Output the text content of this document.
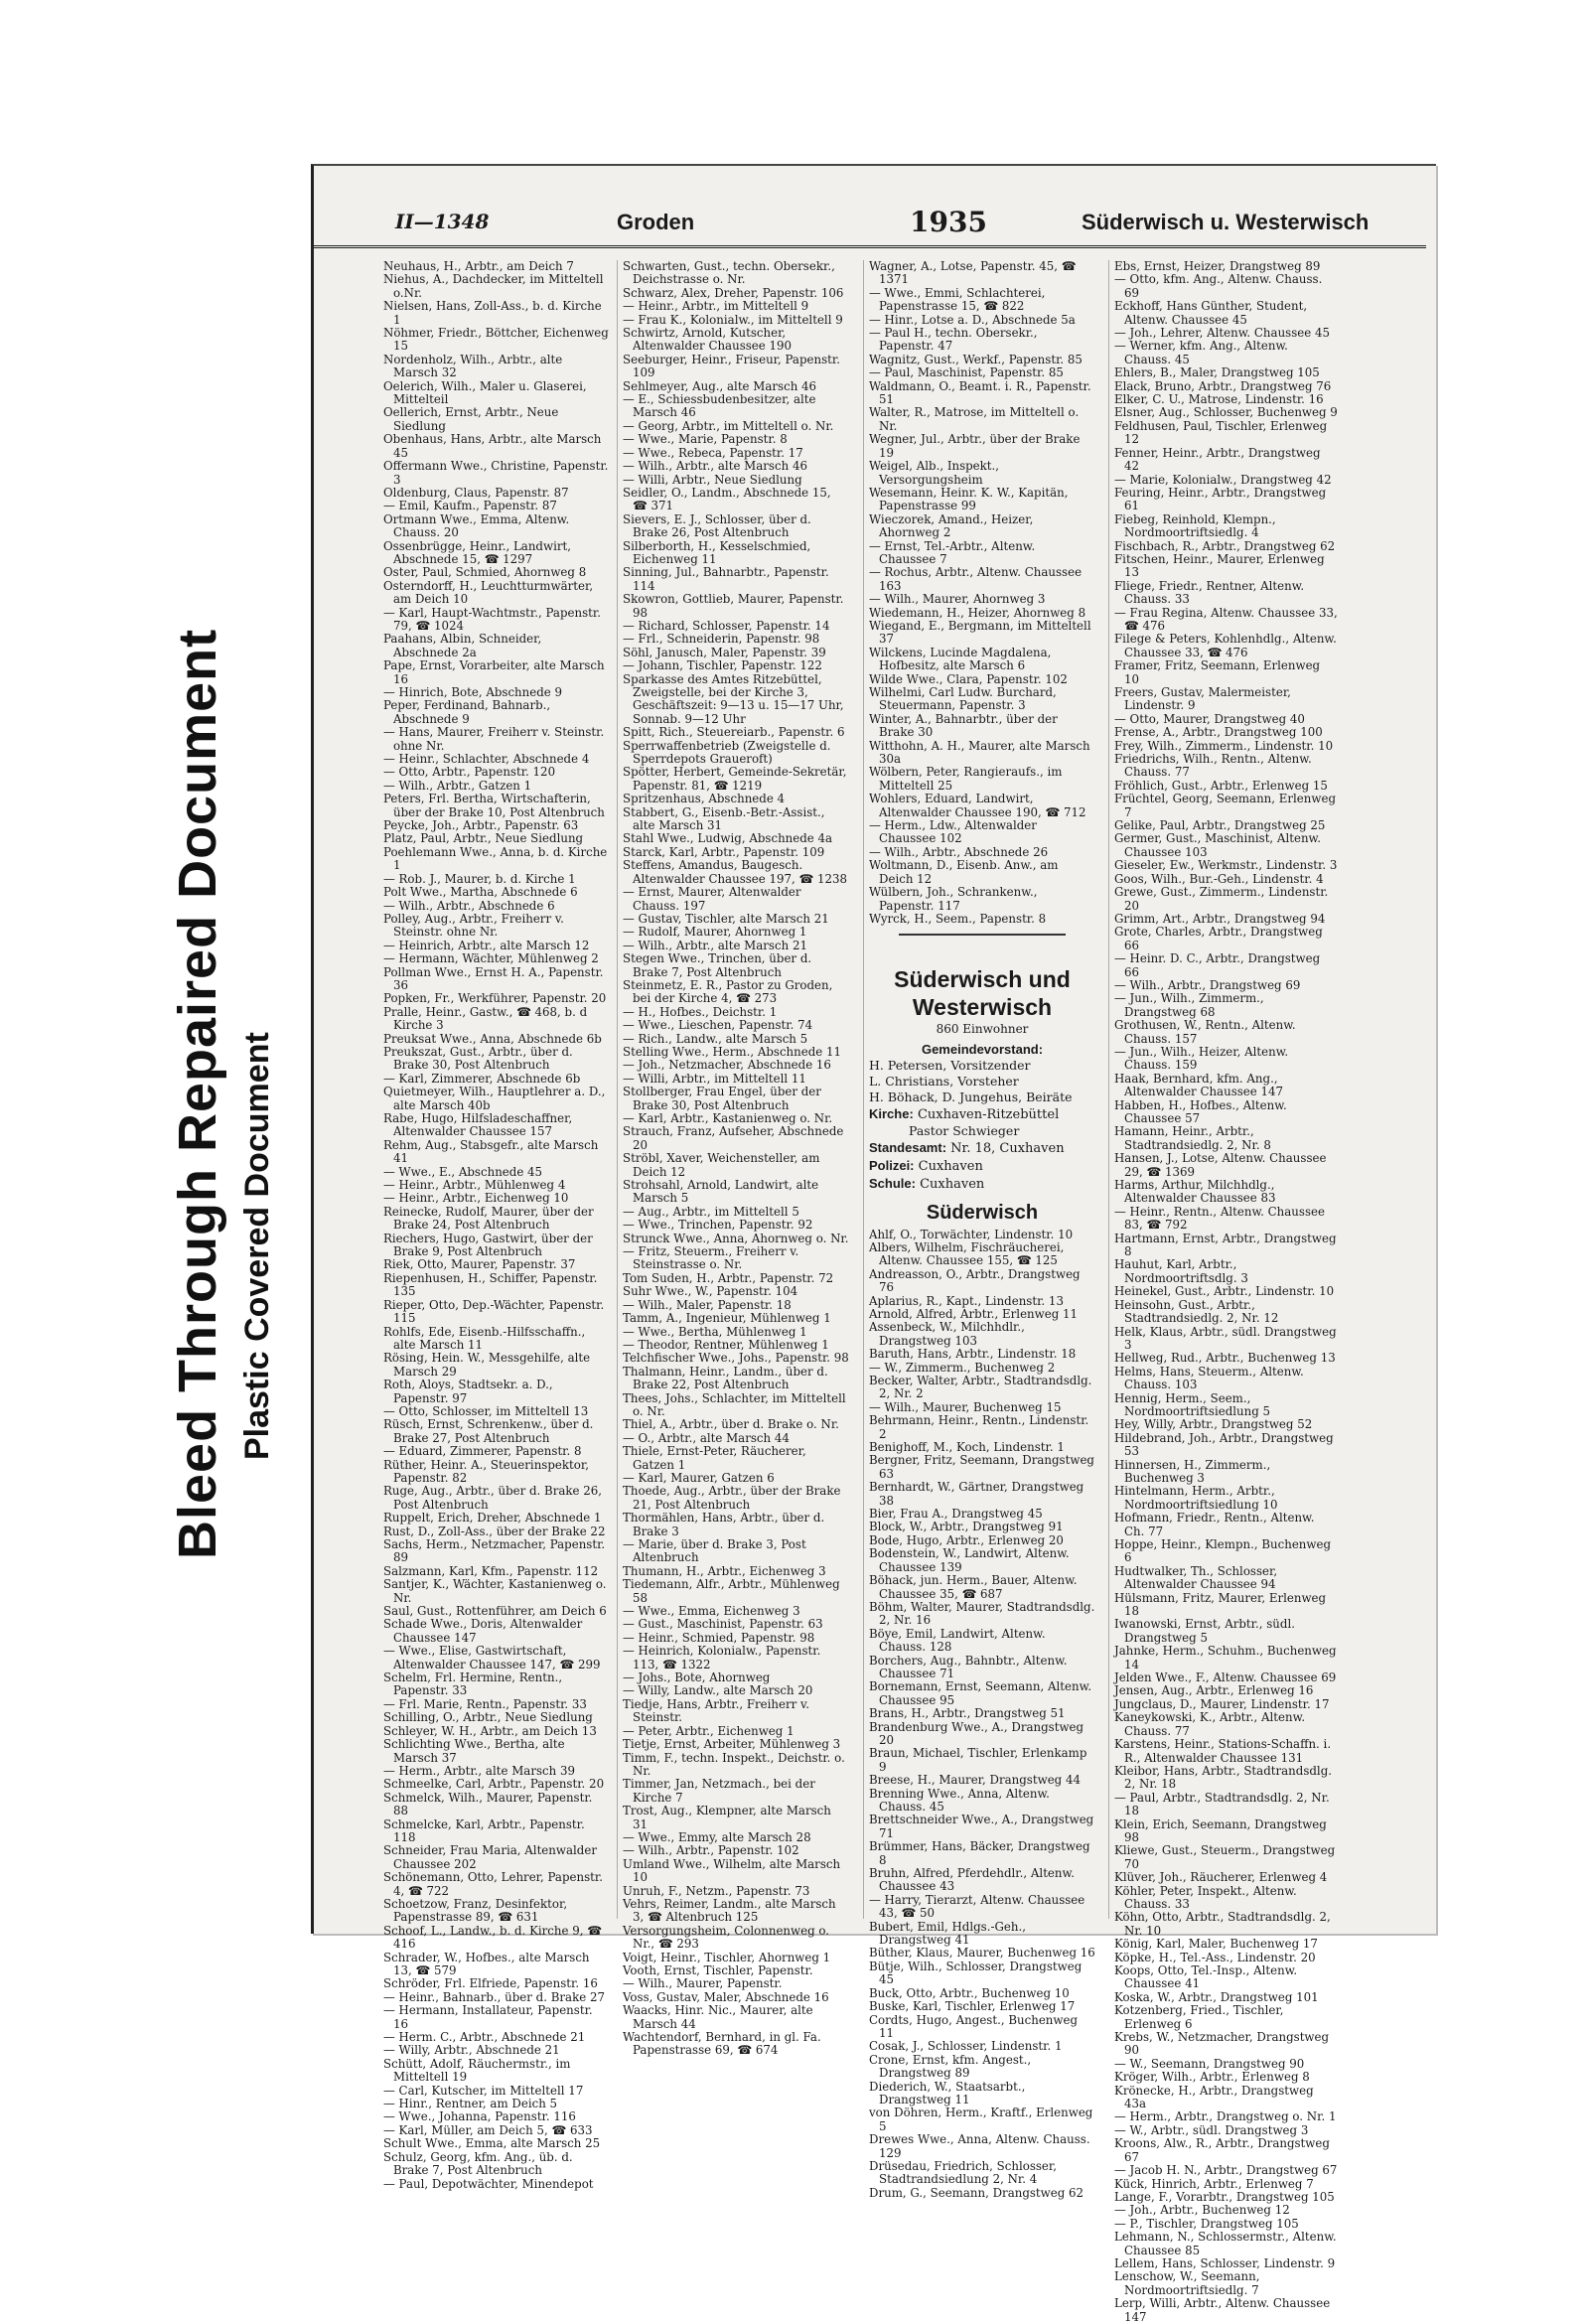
Bleed Through Repaired Document Plastic Covered Document
II—1348	Groden	1935	Süderwisch u. Westerwisch

Neuhaus, H., Arbtr., am Deich 7

Niehus, A., Dachdecker, im Mitteltell o.Nr.

Nielsen, Hans, Zoll-Ass., b. d. Kirche 1

Nöhmer, Friedr., Böttcher, Eichenweg 15

Nordenholz, Wilh., Arbtr., alte Marsch 32

Oelerich, Wilh., Maler u. Glaserei, Mittelteil

Oellerich, Ernst, Arbtr., Neue Siedlung

Obenhaus, Hans, Arbtr., alte Marsch 45

Offermann Wwe., Christine, Papenstr. 3

Oldenburg, Claus, Papenstr. 87

— Emil, Kaufm., Papenstr. 87

Ortmann Wwe., Emma, Altenw. Chauss. 20

Ossenbrügge, Heinr., Landwirt, Abschnede 15, ☎ 1297

Oster, Paul, Schmied, Ahornweg 8

Osterndorff, H., Leuchtturmwärter, am Deich 10

— Karl, Haupt-Wachtmstr., Papenstr. 79, ☎ 1024

Paahans, Albin, Schneider, Abschnede 2a

Pape, Ernst, Vorarbeiter, alte Marsch 16

— Hinrich, Bote, Abschnede 9

Peper, Ferdinand, Bahnarb., Abschnede 9

— Hans, Maurer, Freiherr v. Steinstr. ohne Nr.

— Heinr., Schlachter, Abschnede 4

— Otto, Arbtr., Papenstr. 120

— Wilh., Arbtr., Gatzen 1

Peters, Frl. Bertha, Wirtschafterin, über der Brake 10, Post Altenbruch

Peycke, Joh., Arbtr., Papenstr. 63

Platz, Paul, Arbtr., Neue Siedlung

Poehlemann Wwe., Anna, b. d. Kirche 1

— Rob. J., Maurer, b. d. Kirche 1

Polt Wwe., Martha, Abschnede 6

— Wilh., Arbtr., Abschnede 6

Polley, Aug., Arbtr., Freiherr v. Steinstr. ohne Nr.

— Heinrich, Arbtr., alte Marsch 12

— Hermann, Wächter, Mühlenweg 2

Pollman Wwe., Ernst H. A., Papenstr. 36

Popken, Fr., Werkführer, Papenstr. 20

Pralle, Heinr., Gastw., ☎ 468, b. d Kirche 3

Preuksat Wwe., Anna, Abschnede 6b

Preukszat, Gust., Arbtr., über d. Brake 30, Post Altenbruch

— Karl, Zimmerer, Abschnede 6b

Quietmeyer, Wilh., Hauptlehrer a. D., alte Marsch 40b

Rabe, Hugo, Hilfsladeschaffner, Altenwalder Chaussee 157

Rehm, Aug., Stabsgefr., alte Marsch 41

— Wwe., E., Abschnede 45

— Heinr., Arbtr., Mühlenweg 4

— Heinr., Arbtr., Eichenweg 10

Reinecke, Rudolf, Maurer, über der Brake 24, Post Altenbruch

Riechers, Hugo, Gastwirt, über der Brake 9, Post Altenbruch

Riek, Otto, Maurer, Papenstr. 37

Riepenhusen, H., Schiffer, Papenstr. 135

Rieper, Otto, Dep.-Wächter, Papenstr. 115

Rohlfs, Ede, Eisenb.-Hilfsschaffn., alte Marsch 11

Rösing, Hein. W., Messgehilfe, alte Marsch 29

Roth, Aloys, Stadtsekr. a. D., Papenstr. 97

— Otto, Schlosser, im Mitteltell 13

Rüsch, Ernst, Schrenkenw., über d. Brake 27, Post Altenbruch

— Eduard, Zimmerer, Papenstr. 8

Rüther, Heinr. A., Steuerinspektor, Papenstr. 82

Ruge, Aug., Arbtr., über d. Brake 26, Post Altenbruch

Ruppelt, Erich, Dreher, Abschnede 1

Rust, D., Zoll-Ass., über der Brake 22

Sachs, Herm., Netzmacher, Papenstr. 89

Salzmann, Karl, Kfm., Papenstr. 112

Santjer, K., Wächter, Kastanienweg o. Nr.

Saul, Gust., Rottenführer, am Deich 6

Schade Wwe., Doris, Altenwalder Chaussee 147

— Wwe., Elise, Gastwirtschaft, Altenwalder Chaussee 147, ☎ 299

Schelm, Frl. Hermine, Rentn., Papenstr. 33

— Frl. Marie, Rentn., Papenstr. 33

Schilling, O., Arbtr., Neue Siedlung

Schleyer, W. H., Arbtr., am Deich 13

Schlichting Wwe., Bertha, alte Marsch 37

— Herm., Arbtr., alte Marsch 39

Schmeelke, Carl, Arbtr., Papenstr. 20

Schmelck, Wilh., Maurer, Papenstr. 88

Schmelcke, Karl, Arbtr., Papenstr. 118

Schneider, Frau Maria, Altenwalder Chaussee 202

Schönemann, Otto, Lehrer, Papenstr. 4, ☎ 722

Schoetzow, Franz, Desinfektor, Papenstrasse 89, ☎ 631

Schoof, L., Landw., b. d. Kirche 9, ☎ 416

Schrader, W., Hofbes., alte Marsch 13, ☎ 579

Schröder, Frl. Elfriede, Papenstr. 16

— Heinr., Bahnarb., über d. Brake 27

— Hermann, Installateur, Papenstr. 16

— Herm. C., Arbtr., Abschnede 21

— Willy, Arbtr., Abschnede 21

Schütt, Adolf, Räuchermstr., im Mitteltell 19

— Carl, Kutscher, im Mitteltell 17

— Hinr., Rentner, am Deich 5

— Wwe., Johanna, Papenstr. 116

— Karl, Müller, am Deich 5, ☎ 633

Schult Wwe., Emma, alte Marsch 25

Schulz, Georg, kfm. Ang., üb. d. Brake 7, Post Altenbruch

— Paul, Depotwächter, Minendepot

Schwarten, Gust., techn. Obersekr., Deichstrasse o. Nr.

Schwarz, Alex, Dreher, Papenstr. 106

— Heinr., Arbtr., im Mitteltell 9

— Frau K., Kolonialw., im Mitteltell 9

Schwirtz, Arnold, Kutscher, Altenwalder Chaussee 190

Seeburger, Heinr., Friseur, Papenstr. 109

Sehlmeyer, Aug., alte Marsch 46

— E., Schiessbudenbesitzer, alte Marsch 46

— Georg, Arbtr., im Mitteltell o. Nr.

— Wwe., Marie, Papenstr. 8

— Wwe., Rebeca, Papenstr. 17

— Wilh., Arbtr., alte Marsch 46

— Willi, Arbtr., Neue Siedlung

Seidler, O., Landm., Abschnede 15, ☎ 371

Sievers, E. J., Schlosser, über d. Brake 26, Post Altenbruch

Silberborth, H., Kesselschmied, Eichenweg 11

Sinning, Jul., Bahnarbtr., Papenstr. 114

Skowron, Gottlieb, Maurer, Papenstr. 98

— Richard, Schlosser, Papenstr. 14

— Frl., Schneiderin, Papenstr. 98

Söhl, Janusch, Maler, Papenstr. 39

— Johann, Tischler, Papenstr. 122

Sparkasse des Amtes Ritzebüttel, Zweigstelle, bei der Kirche 3, Geschäftszeit: 9—13 u. 15—17 Uhr, Sonnab. 9—12 Uhr

Spitt, Rich., Steuereiarb., Papenstr. 6

Sperrwaffenbetrieb (Zweigstelle d. Sperrdepots Graueroft)

Spötter, Herbert, Gemeinde-Sekretär, Papenstr. 81, ☎ 1219

Spritzenhaus, Abschnede 4

Stabbert, G., Eisenb.-Betr.-Assist., alte Marsch 31

Stahl Wwe., Ludwig, Abschnede 4a

Starck, Karl, Arbtr., Papenstr. 109

Steffens, Amandus, Baugesch. Altenwalder Chaussee 197, ☎ 1238

— Ernst, Maurer, Altenwalder Chauss. 197

— Gustav, Tischler, alte Marsch 21

— Rudolf, Maurer, Ahornweg 1

— Wilh., Arbtr., alte Marsch 21

Stegen Wwe., Trinchen, über d. Brake 7, Post Altenbruch

Steinmetz, E. R., Pastor zu Groden, bei der Kirche 4, ☎ 273

— H., Hofbes., Deichstr. 1

— Wwe., Lieschen, Papenstr. 74

— Rich., Landw., alte Marsch 5

Stelling Wwe., Herm., Abschnede 11

— Joh., Netzmacher, Abschnede 16

— Willi, Arbtr., im Mitteltell 11

Stollberger, Frau Engel, über der Brake 30, Post Altenbruch

— Karl, Arbtr., Kastanienweg o. Nr.

Strauch, Franz, Aufseher, Abschnede 20

Ströbl, Xaver, Weichensteller, am Deich 12

Strohsahl, Arnold, Landwirt, alte Marsch 5

— Aug., Arbtr., im Mitteltell 5

— Wwe., Trinchen, Papenstr. 92

Strunck Wwe., Anna, Ahornweg o. Nr.

— Fritz, Steuerm., Freiherr v. Steinstrasse o. Nr.

Tom Suden, H., Arbtr., Papenstr. 72

Suhr Wwe., W., Papenstr. 104

— Wilh., Maler, Papenstr. 18

Tamm, A., Ingenieur, Mühlenweg 1

— Wwe., Bertha, Mühlenweg 1

— Theodor, Rentner, Mühlenweg 1

Telchfischer Wwe., Johs., Papenstr. 98

Thalmann, Heinr., Landm., über d. Brake 22, Post Altenbruch

Thees, Johs., Schlachter, im Mitteltell o. Nr.

Thiel, A., Arbtr., über d. Brake o. Nr.

— O., Arbtr., alte Marsch 44

Thiele, Ernst-Peter, Räucherer, Gatzen 1

— Karl, Maurer, Gatzen 6

Thoede, Aug., Arbtr., über der Brake 21, Post Altenbruch

Thormählen, Hans, Arbtr., über d. Brake 3

— Marie, über d. Brake 3, Post Altenbruch

Thumann, H., Arbtr., Eichenweg 3

Tiedemann, Alfr., Arbtr., Mühlenweg 58

— Wwe., Emma, Eichenweg 3

— Gust., Maschinist, Papenstr. 63

— Heinr., Schmied, Papenstr. 98

— Heinrich, Kolonialw., Papenstr. 113, ☎ 1322

— Johs., Bote, Ahornweg

— Willy, Landw., alte Marsch 20

Tiedje, Hans, Arbtr., Freiherr v. Steinstr.

— Peter, Arbtr., Eichenweg 1

Tietje, Ernst, Arbeiter, Mühlenweg 3

Timm, F., techn. Inspekt., Deichstr. o. Nr.

Timmer, Jan, Netzmach., bei der Kirche 7

Trost, Aug., Klempner, alte Marsch 31

— Wwe., Emmy, alte Marsch 28

— Wilh., Arbtr., Papenstr. 102

Umland Wwe., Wilhelm, alte Marsch 10

Unruh, F., Netzm., Papenstr. 73

Vehrs, Reimer, Landm., alte Marsch 3, ☎ Altenbruch 125

Versorgungsheim, Colonnenweg o. Nr., ☎ 293

Voigt, Heinr., Tischler, Ahornweg 1

Vooth, Ernst, Tischler, Papenstr.

— Wilh., Maurer, Papenstr.

Voss, Gustav, Maler, Abschnede 16

Waacks, Hinr. Nic., Maurer, alte Marsch 44

Wachtendorf, Bernhard, in gl. Fa. Papenstrasse 69, ☎ 674

Wagner, A., Lotse, Papenstr. 45, ☎ 1371

— Wwe., Emmi, Schlachterei, Papenstrasse 15, ☎ 822

— Hinr., Lotse a. D., Abschnede 5a

— Paul H., techn. Obersekr., Papenstr. 47

Wagnitz, Gust., Werkf., Papenstr. 85

— Paul, Maschinist, Papenstr. 85

Waldmann, O., Beamt. i. R., Papenstr. 51

Walter, R., Matrose, im Mitteltell o. Nr.

Wegner, Jul., Arbtr., über der Brake 19

Weigel, Alb., Inspekt., Versorgungsheim

Wesemann, Heinr. K. W., Kapitän, Papenstrasse 99

Wieczorek, Amand., Heizer, Ahornweg 2

— Ernst, Tel.-Arbtr., Altenw. Chaussee 7

— Rochus, Arbtr., Altenw. Chaussee 163

— Wilh., Maurer, Ahornweg 3

Wiedemann, H., Heizer, Ahornweg 8

Wiegand, E., Bergmann, im Mitteltell 37

Wilckens, Lucinde Magdalena, Hofbesitz, alte Marsch 6

Wilde Wwe., Clara, Papenstr. 102

Wilhelmi, Carl Ludw. Burchard, Steuermann, Papenstr. 3

Winter, A., Bahnarbtr., über der Brake 30

Witthohn, A. H., Maurer, alte Marsch 30a

Wölbern, Peter, Rangieraufs., im Mitteltell 25

Wohlers, Eduard, Landwirt, Altenwalder Chaussee 190, ☎ 712

— Herm., Ldw., Altenwalder Chaussee 102

— Wilh., Arbtr., Abschnede 26

Woltmann, D., Eisenb. Anw., am Deich 12

Wülbern, Joh., Schrankenw., Papenstr. 117

Wyrck, H., Seem., Papenstr. 8

Süderwisch und Westerwisch
860 Einwohner
Gemeindevorstand:
H. Petersen, Vorsitzender
L. Christians, Vorsteher
H. Böhack, D. Jungehus, Beiräte
Kirche: Cuxhaven-Ritzebüttel
Pastor Schwieger
Standesamt: Nr. 18, Cuxhaven
Polizei: Cuxhaven
Schule: Cuxhaven
Süderwisch

Ahlf, O., Torwächter, Lindenstr. 10

Albers, Wilhelm, Fischräucherei, Altenw. Chaussee 155, ☎ 125

Andreasson, O., Arbtr., Drangstweg 76

Aplarius, R., Kapt., Lindenstr. 13

Arnold, Alfred, Arbtr., Erlenweg 11

Assenbeck, W., Milchhdlr., Drangstweg 103

Baruth, Hans, Arbtr., Lindenstr. 18

— W., Zimmerm., Buchenweg 2

Becker, Walter, Arbtr., Stadtrandsdlg. 2, Nr. 2

— Wilh., Maurer, Buchenweg 15

Behrmann, Heinr., Rentn., Lindenstr. 2

Benighoff, M., Koch, Lindenstr. 1

Bergner, Fritz, Seemann, Drangstweg 63

Bernhardt, W., Gärtner, Drangstweg 38

Bier, Frau A., Drangstweg 45

Block, W., Arbtr., Drangstweg 91

Bode, Hugo, Arbtr., Erlenweg 20

Bodenstein, W., Landwirt, Altenw. Chaussee 139

Böhack, jun. Herm., Bauer, Altenw. Chaussee 35, ☎ 687

Böhm, Walter, Maurer, Stadtrandsdlg. 2, Nr. 16

Böye, Emil, Landwirt, Altenw. Chauss. 128

Borchers, Aug., Bahnbtr., Altenw. Chaussee 71

Bornemann, Ernst, Seemann, Altenw. Chaussee 95

Brans, H., Arbtr., Drangstweg 51

Brandenburg Wwe., A., Drangstweg 20

Braun, Michael, Tischler, Erlenkamp 9

Breese, H., Maurer, Drangstweg 44

Brenning Wwe., Anna, Altenw. Chauss. 45

Brettschneider Wwe., A., Drangstweg 71

Brümmer, Hans, Bäcker, Drangstweg 8

Bruhn, Alfred, Pferdehdlr., Altenw. Chaussee 43

— Harry, Tierarzt, Altenw. Chaussee 43, ☎ 50

Bubert, Emil, Hdlgs.-Geh., Drangstweg 41

Büther, Klaus, Maurer, Buchenweg 16

Bütje, Wilh., Schlosser, Drangstweg 45

Buck, Otto, Arbtr., Buchenweg 10

Buske, Karl, Tischler, Erlenweg 17

Cordts, Hugo, Angest., Buchenweg 11

Cosak, J., Schlosser, Lindenstr. 1

Crone, Ernst, kfm. Angest., Drangstweg 89

Diederich, W., Staatsarbt., Drangstweg 11

von Döhren, Herm., Kraftf., Erlenweg 5

Drewes Wwe., Anna, Altenw. Chauss. 129

Drüsedau, Friedrich, Schlosser, Stadtrandsiedlung 2, Nr. 4

Drum, G., Seemann, Drangstweg 62

Ebs, Ernst, Heizer, Drangstweg 89

— Otto, kfm. Ang., Altenw. Chauss. 69

Eckhoff, Hans Günther, Student, Altenw. Chaussee 45

— Joh., Lehrer, Altenw. Chaussee 45

— Werner, kfm. Ang., Altenw. Chauss. 45

Ehlers, B., Maler, Drangstweg 105

Elack, Bruno, Arbtr., Drangstweg 76

Elker, C. U., Matrose, Lindenstr. 16

Elsner, Aug., Schlosser, Buchenweg 9

Feldhusen, Paul, Tischler, Erlenweg 12

Fenner, Heinr., Arbtr., Drangstweg 42

— Marie, Kolonialw., Drangstweg 42

Feuring, Heinr., Arbtr., Drangstweg 61

Fiebeg, Reinhold, Klempn., Nordmoortriftsiedlg. 4

Fischbach, R., Arbtr., Drangstweg 62

Fitschen, Heinr., Maurer, Erlenweg 13

Fliege, Friedr., Rentner, Altenw. Chauss. 33

— Frau Regina, Altenw. Chaussee 33, ☎ 476

Filege & Peters, Kohlenhdlg., Altenw. Chaussee 33, ☎ 476

Framer, Fritz, Seemann, Erlenweg 10

Freers, Gustav, Malermeister, Lindenstr. 9

— Otto, Maurer, Drangstweg 40

Frense, A., Arbtr., Drangstweg 100

Frey, Wilh., Zimmerm., Lindenstr. 10

Friedrichs, Wilh., Rentn., Altenw. Chauss. 77

Fröhlich, Gust., Arbtr., Erlenweg 15

Früchtel, Georg, Seemann, Erlenweg 7

Gelike, Paul, Arbtr., Drangstweg 25

Germer, Gust., Maschinist, Altenw. Chaussee 103

Gieseler, Ew., Werkmstr., Lindenstr. 3

Goos, Wilh., Bur.-Geh., Lindenstr. 4

Grewe, Gust., Zimmerm., Lindenstr. 20

Grimm, Art., Arbtr., Drangstweg 94

Grote, Charles, Arbtr., Drangstweg 66

— Heinr. D. C., Arbtr., Drangstweg 66

— Wilh., Arbtr., Drangstweg 69

— Jun., Wilh., Zimmerm., Drangstweg 68

Grothusen, W., Rentn., Altenw. Chauss. 157

— Jun., Wilh., Heizer, Altenw. Chauss. 159

Haak, Bernhard, kfm. Ang., Altenwalder Chaussee 147

Habben, H., Hofbes., Altenw. Chaussee 57

Hamann, Heinr., Arbtr., Stadtrandsiedlg. 2, Nr. 8

Hansen, J., Lotse, Altenw. Chaussee 29, ☎ 1369

Harms, Arthur, Milchhdlg., Altenwalder Chaussee 83

— Heinr., Rentn., Altenw. Chaussee 83, ☎ 792

Hartmann, Ernst, Arbtr., Drangstweg 8

Hauhut, Karl, Arbtr., Nordmoortriftsdlg. 3

Heinekel, Gust., Arbtr., Lindenstr. 10

Heinsohn, Gust., Arbtr., Stadtrandsiedlg. 2, Nr. 12

Helk, Klaus, Arbtr., südl. Drangstweg 3

Hellweg, Rud., Arbtr., Buchenweg 13

Helms, Hans, Steuerm., Altenw. Chauss. 103

Hennig, Herm., Seem., Nordmoortriftsiedlung 5

Hey, Willy, Arbtr., Drangstweg 52

Hildebrand, Joh., Arbtr., Drangstweg 53

Hinnersen, H., Zimmerm., Buchenweg 3

Hintelmann, Herm., Arbtr., Nordmoortriftsiedlung 10

Hofmann, Friedr., Rentn., Altenw. Ch. 77

Hoppe, Heinr., Klempn., Buchenweg 6

Hudtwalker, Th., Schlosser, Altenwalder Chaussee 94

Hülsmann, Fritz, Maurer, Erlenweg 18

Iwanowski, Ernst, Arbtr., südl. Drangstweg 5

Jahnke, Herm., Schuhm., Buchenweg 14

Jelden Wwe., F., Altenw. Chaussee 69

Jensen, Aug., Arbtr., Erlenweg 16

Jungclaus, D., Maurer, Lindenstr. 17

Kaneykowski, K., Arbtr., Altenw. Chauss. 77

Karstens, Heinr., Stations-Schaffn. i. R., Altenwalder Chaussee 131

Kleibor, Hans, Arbtr., Stadtrandsdlg. 2, Nr. 18

— Paul, Arbtr., Stadtrandsdlg. 2, Nr. 18

Klein, Erich, Seemann, Drangstweg 98

Kliewe, Gust., Steuerm., Drangstweg 70

Klüver, Joh., Räucherer, Erlenweg 4

Köhler, Peter, Inspekt., Altenw. Chauss. 33

Köhn, Otto, Arbtr., Stadtrandsdlg. 2, Nr. 10

König, Karl, Maler, Buchenweg 17

Köpke, H., Tel.-Ass., Lindenstr. 20

Koops, Otto, Tel.-Insp., Altenw. Chaussee 41

Koska, W., Arbtr., Drangstweg 101

Kotzenberg, Fried., Tischler, Erlenweg 6

Krebs, W., Netzmacher, Drangstweg 90

— W., Seemann, Drangstweg 90

Kröger, Wilh., Arbtr., Erlenweg 8

Krönecke, H., Arbtr., Drangstweg 43a

— Herm., Arbtr., Drangstweg o. Nr. 1

— W., Arbtr., südl. Drangstweg 3

Kroons, Alw., R., Arbtr., Drangstweg 67

— Jacob H. N., Arbtr., Drangstweg 67

Kück, Hinrich, Arbtr., Erlenweg 7

Lange, F., Vorarbtr., Drangstweg 105

— Joh., Arbtr., Buchenweg 12

— P., Tischler, Drangstweg 105

Lehmann, N., Schlossermstr., Altenw. Chaussee 85

Lellem, Hans, Schlosser, Lindenstr. 9

Lenschow, W., Seemann, Nordmoortriftsiedlg. 7

Lerp, Willi, Arbtr., Altenw. Chaussee 147
